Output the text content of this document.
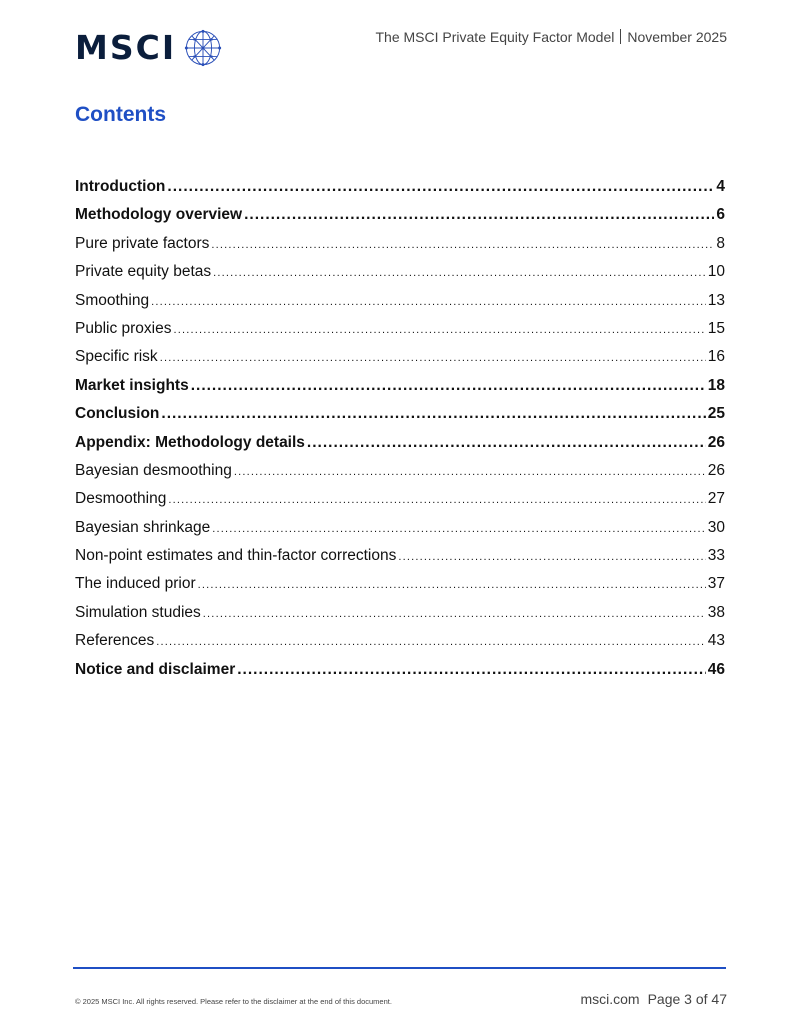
MSCI	The MSCI Private Equity Factor Model November 2025
Contents
Introduction .....	4
Methodology overview .....	6
Pure private factors .....	8
Private equity betas .....	10
Smoothing .....	13
Public proxies .....	15
Specific risk .....	16
Market insights .....	18
Conclusion .....	25
Appendix: Methodology details .....	26
Bayesian desmoothing .....	26
Desmoothing .....	27
Bayesian shrinkage .....	30
Non-point estimates and thin-factor corrections .....	33
The induced prior .....	37
Simulation studies .....	38
References .....	43
Notice and disclaimer .....	46
© 2025 MSCI Inc. All rights reserved. Please refer to the disclaimer at the end of this document.	msci.com Page 3 of 47
